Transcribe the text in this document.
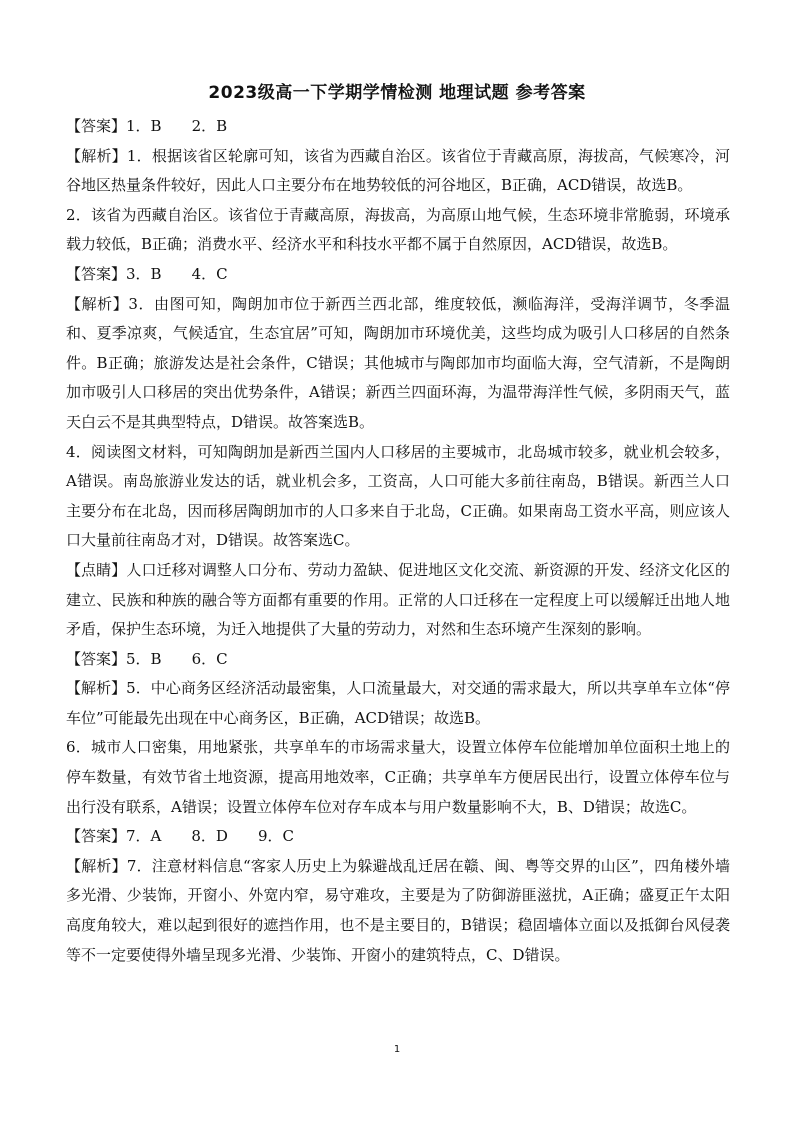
2023级高一下学期学情检测 地理试题 参考答案

【答案】1．B　　2．B

【解析】1．根据该省区轮廓可知，该省为西藏自治区。该省位于青藏高原，海拔高，气候寒冷，河谷地区热量条件较好，因此人口主要分布在地势较低的河谷地区，B正确，ACD错误，故选B。

2．该省为西藏自治区。该省位于青藏高原，海拔高，为高原山地气候，生态环境非常脆弱，环境承载力较低，B正确；消费水平、经济水平和科技水平都不属于自然原因，ACD错误，故选B。

【答案】3．B　　4．C

【解析】3．由图可知，陶朗加市位于新西兰西北部，维度较低，濒临海洋，受海洋调节，冬季温和、夏季凉爽，气候适宜，生态宜居”可知，陶朗加市环境优美，这些均成为吸引人口移居的自然条件。B正确；旅游发达是社会条件，C错误；其他城市与陶郎加市均面临大海，空气清新，不是陶朗加市吸引人口移居的突出优势条件，A错误；新西兰四面环海，为温带海洋性气候，多阴雨天气，蓝天白云不是其典型特点，D错误。故答案选B。

4．阅读图文材料，可知陶朗加是新西兰国内人口移居的主要城市，北岛城市较多，就业机会较多，A错误。南岛旅游业发达的话，就业机会多，工资高，人口可能大多前往南岛，B错误。新西兰人口主要分布在北岛，因而移居陶朗加市的人口多来自于北岛，C正确。如果南岛工资水平高，则应该人口大量前往南岛才对，D错误。故答案选C。

【点睛】人口迁移对调整人口分布、劳动力盈缺、促进地区文化交流、新资源的开发、经济文化区的建立、民族和种族的融合等方面都有重要的作用。正常的人口迁移在一定程度上可以缓解迁出地人地矛盾，保护生态环境，为迁入地提供了大量的劳动力，对然和生态环境产生深刻的影响。

【答案】5．B　　6．C

【解析】5．中心商务区经济活动最密集，人口流量最大，对交通的需求最大，所以共享单车立体“停车位”可能最先出现在中心商务区，B正确，ACD错误；故选B。

6．城市人口密集，用地紧张，共享单车的市场需求量大，设置立体停车位能增加单位面积土地上的停车数量，有效节省土地资源，提高用地效率，C正确；共享单车方便居民出行，设置立体停车位与出行没有联系，A错误；设置立体停车位对存车成本与用户数量影响不大，B、D错误；故选C。

【答案】7．A　　8．D　　9．C

【解析】7．注意材料信息“客家人历史上为躲避战乱迁居在赣、闽、粤等交界的山区”，四角楼外墙多光滑、少装饰，开窗小、外宽内窄，易守难攻，主要是为了防御游匪滋扰，A正确；盛夏正午太阳高度角较大，难以起到很好的遮挡作用，也不是主要目的，B错误；稳固墙体立面以及抵御台风侵袭等不一定要使得外墙呈现多光滑、少装饰、开窗小的建筑特点，C、D错误。

1
